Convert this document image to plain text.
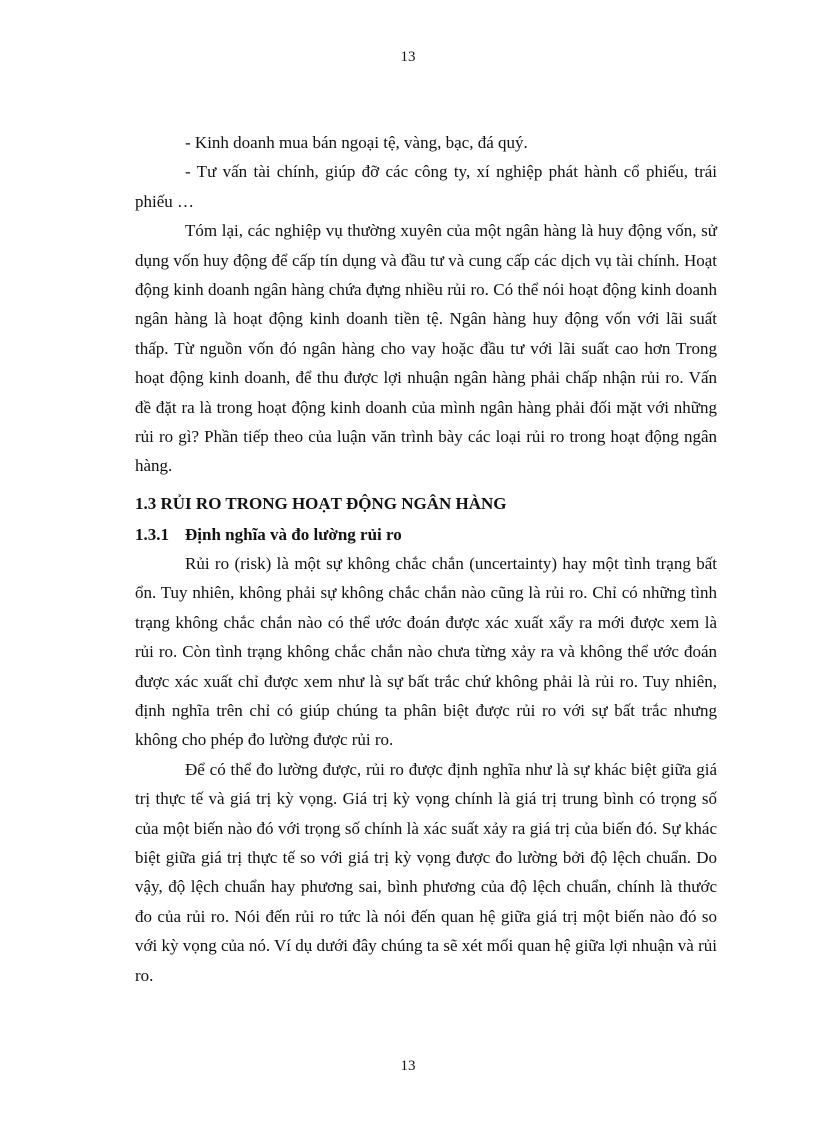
13

- Kinh doanh mua bán ngoại tệ, vàng, bạc, đá quý.

- Tư vấn tài chính, giúp đỡ các công ty, xí nghiệp phát hành cổ phiếu, trái phiếu …

Tóm lại, các nghiệp vụ thường xuyên của một ngân hàng là huy động vốn, sử dụng vốn huy động để cấp tín dụng và đầu tư và cung cấp các dịch vụ tài chính. Hoạt động kinh doanh ngân hàng chứa đựng nhiều rủi ro. Có thể nói hoạt động kinh doanh ngân hàng là hoạt động kinh doanh tiền tệ. Ngân hàng huy động vốn với lãi suất thấp. Từ nguồn vốn đó ngân hàng cho vay hoặc đầu tư với lãi suất cao hơn Trong hoạt động kinh doanh, để thu được lợi nhuận ngân hàng phải chấp nhận rủi ro. Vấn đề đặt ra là trong hoạt động kinh doanh của mình ngân hàng phải đối mặt với những rủi ro gì? Phần tiếp theo của luận văn trình bày các loại rủi ro trong hoạt động ngân hàng.

1.3 RỦI RO TRONG HOẠT ĐỘNG NGÂN HÀNG
1.3.1 Định nghĩa và đo lường rủi ro

Rủi ro (risk) là một sự không chắc chắn (uncertainty) hay một tình trạng bất ổn. Tuy nhiên, không phải sự không chắc chắn nào cũng là rủi ro. Chỉ có những tình trạng không chắc chắn nào có thể ước đoán được xác xuất xẩy ra mới được xem là rủi ro. Còn tình trạng không chắc chắn nào chưa từng xảy ra và không thể ước đoán được xác xuất chỉ được xem như là sự bất trắc chứ không phải là rủi ro. Tuy nhiên, định nghĩa trên chỉ có giúp chúng ta phân biệt được rủi ro với sự bất trắc nhưng không cho phép đo lường được rủi ro.

Để có thể đo lường được, rủi ro được định nghĩa như là sự khác biệt giữa giá trị thực tế và giá trị kỳ vọng. Giá trị kỳ vọng chính là giá trị trung bình có trọng số của một biến nào đó với trọng số chính là xác suất xảy ra giá trị của biến đó. Sự khác biệt giữa giá trị thực tế so với giá trị kỳ vọng được đo lường bởi độ lệch chuẩn. Do vậy, độ lệch chuẩn hay phương sai, bình phương của độ lệch chuẩn, chính là thước đo của rủi ro. Nói đến rủi ro tức là nói đến quan hệ giữa giá trị một biến nào đó so với kỳ vọng của nó. Ví dụ dưới đây chúng ta sẽ xét mối quan hệ giữa lợi nhuận và rủi ro.

13
